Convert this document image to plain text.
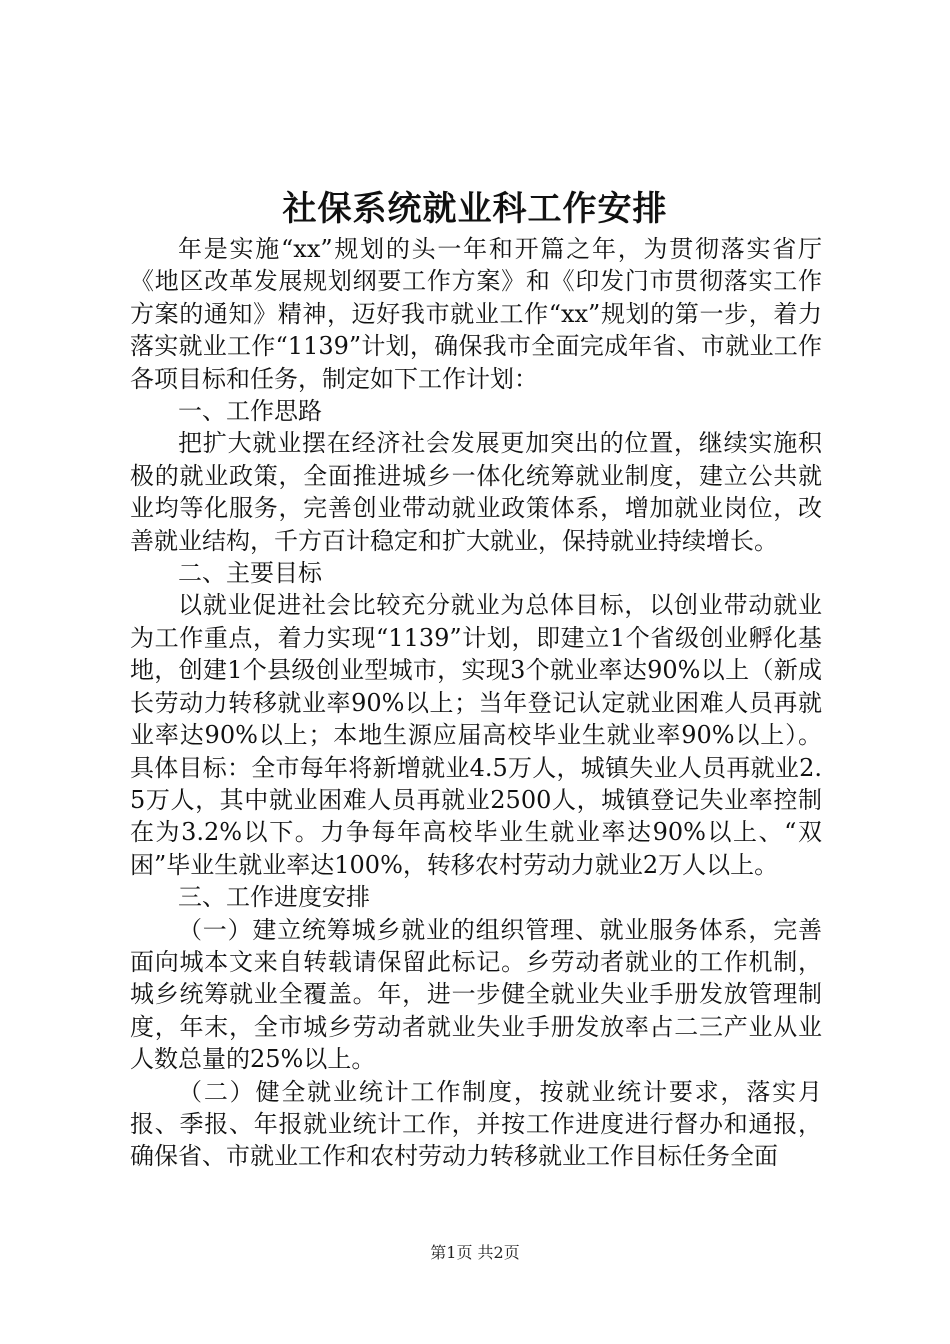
社保系统就业科工作安排

年是实施“xx”规划的头一年和开篇之年，为贯彻落实省厅《地区改革发展规划纲要工作方案》和《印发门市贯彻落实工作方案的通知》精神，迈好我市就业工作“xx”规划的第一步，着力落实就业工作“1139”计划，确保我市全面完成年省、市就业工作各项目标和任务，制定如下工作计划：

一、工作思路

把扩大就业摆在经济社会发展更加突出的位置，继续实施积极的就业政策，全面推进城乡一体化统筹就业制度，建立公共就业均等化服务，完善创业带动就业政策体系，增加就业岗位，改善就业结构，千方百计稳定和扩大就业，保持就业持续增长。

二、主要目标

以就业促进社会比较充分就业为总体目标，以创业带动就业为工作重点，着力实现“1139”计划，即建立1个省级创业孵化基地，创建1个县级创业型城市，实现3个就业率达90%以上（新成长劳动力转移就业率90%以上；当年登记认定就业困难人员再就业率达90%以上；本地生源应届高校毕业生就业率90%以上）。具体目标：全市每年将新增就业4.5万人，城镇失业人员再就业2.5万人，其中就业困难人员再就业2500人，城镇登记失业率控制在为3.2%以下。力争每年高校毕业生就业率达90%以上、“双困”毕业生就业率达100%，转移农村劳动力就业2万人以上。

三、工作进度安排

（一）建立统筹城乡就业的组织管理、就业服务体系，完善面向城本文来自转载请保留此标记。乡劳动者就业的工作机制，城乡统筹就业全覆盖。年，进一步健全就业失业手册发放管理制度，年末，全市城乡劳动者就业失业手册发放率占二三产业从业人数总量的25%以上。

（二）健全就业统计工作制度，按就业统计要求，落实月报、季报、年报就业统计工作，并按工作进度进行督办和通报，确保省、市就业工作和农村劳动力转移就业工作目标任务全面

第1页 共2页
